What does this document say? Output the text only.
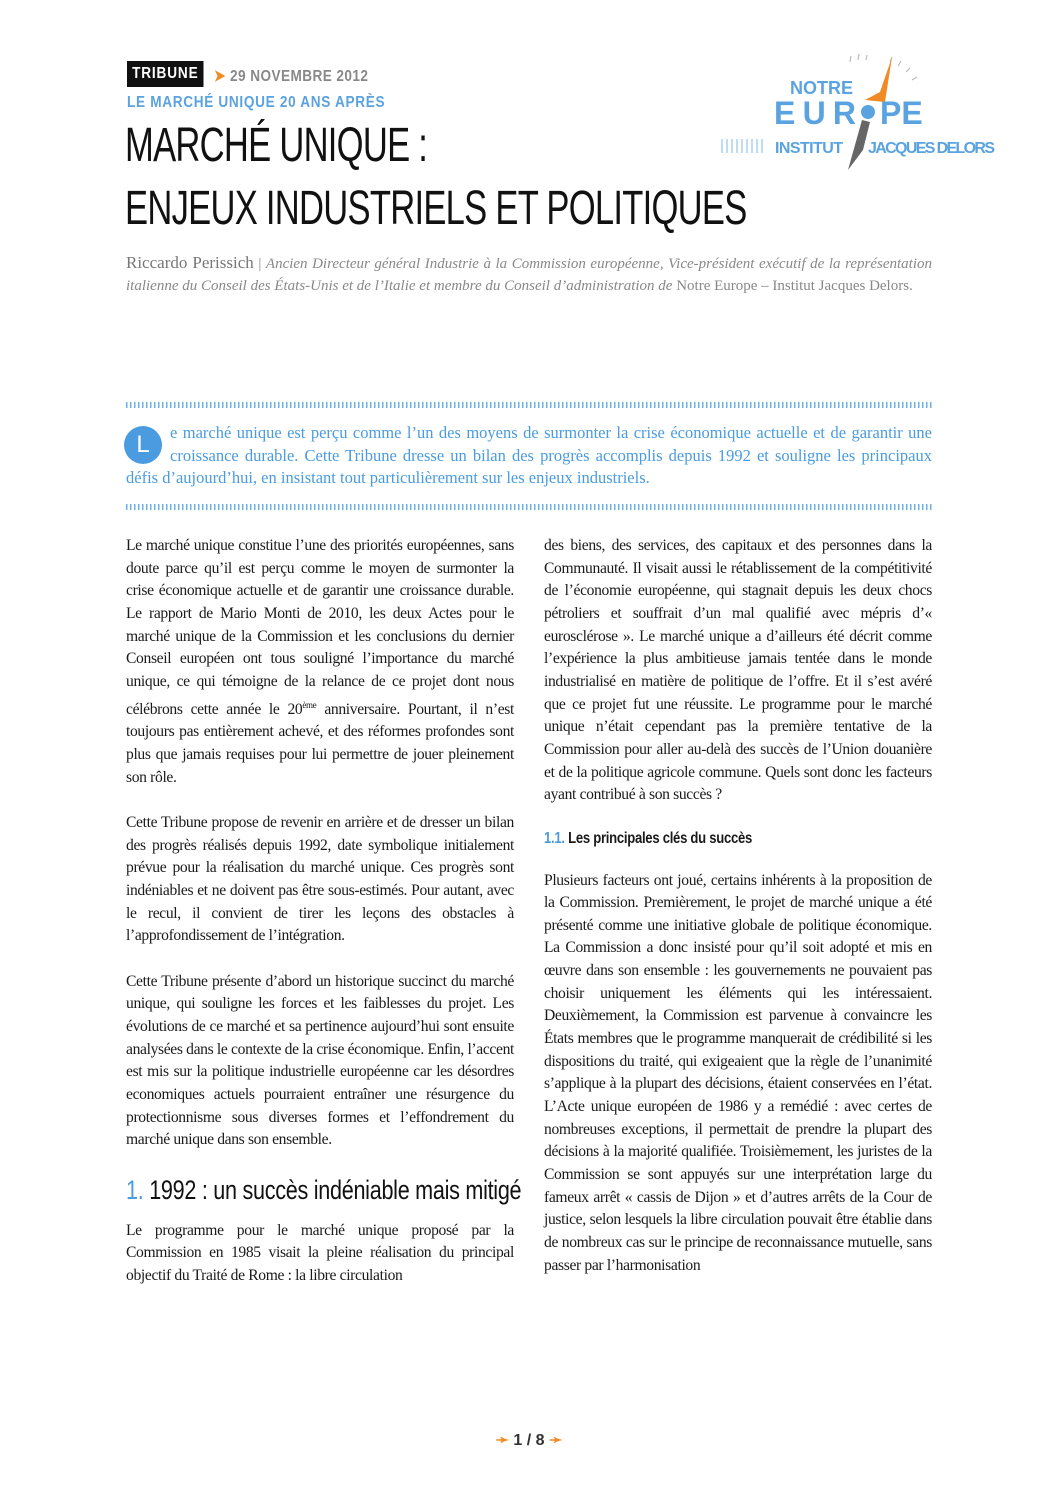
TRIBUNE ➤ 29 NOVEMBRE 2012
LE MARCHÉ UNIQUE 20 ANS APRÈS
MARCHÉ UNIQUE :
ENJEUX INDUSTRIELS ET POLITIQUES
NOTRE
EUR PE
INSTITUT JACQUES DELORS
Riccardo Perissich | Ancien Directeur général Industrie à la Commission européenne, Vice-président exécutif de la représentation italienne du Conseil des États-Unis et de l’Italie et membre du Conseil d’administration de Notre Europe – Institut Jacques Delors.
L	e marché unique est perçu comme l’un des moyens de surmonter la crise économique actuelle et de garantir une croissance durable. Cette Tribune dresse un bilan des progrès accomplis depuis 1992 et souligne les principaux défis d’aujourd’hui, en insistant tout particulièrement sur les enjeux industriels.

Le marché unique constitue l’une des priorités européennes, sans doute parce qu’il est perçu comme le moyen de surmonter la crise économique actuelle et de garantir une croissance durable. Le rapport de Mario Monti de 2010, les deux Actes pour le marché unique de la Commission et les conclusions du dernier Conseil européen ont tous souligné l’importance du marché unique, ce qui témoigne de la relance de ce projet dont nous célébrons cette année le 20ème anniversaire. Pourtant, il n’est toujours pas entièrement achevé, et des réformes profondes sont plus que jamais requises pour lui permettre de jouer pleinement son rôle.

Cette Tribune propose de revenir en arrière et de dresser un bilan des progrès réalisés depuis 1992, date symbolique initialement prévue pour la réalisation du marché unique. Ces progrès sont indéniables et ne doivent pas être sous-estimés. Pour autant, avec le recul, il convient de tirer les leçons des obstacles à l’approfondissement de l’intégration.

Cette Tribune présente d’abord un historique succinct du marché unique, qui souligne les forces et les faiblesses du projet. Les évolutions de ce marché et sa pertinence aujourd’hui sont ensuite analysées dans le contexte de la crise économique. Enfin, l’accent est mis sur la politique industrielle européenne car les désordres economiques actuels pourraient entraîner une résurgence du protectionnisme sous diverses formes et l’effondrement du marché unique dans son ensemble.

1. 1992 : un succès indéniable mais mitigé

Le programme pour le marché unique proposé par la Commission en 1985 visait la pleine réalisation du principal objectif du Traité de Rome : la libre circulation

des biens, des services, des capitaux et des personnes dans la Communauté. Il visait aussi le rétablissement de la compétitivité de l’économie européenne, qui stagnait depuis les deux chocs pétroliers et souffrait d’un mal qualifié avec mépris d’« eurosclérose ». Le marché unique a d’ailleurs été décrit comme l’expérience la plus ambitieuse jamais tentée dans le monde industrialisé en matière de politique de l’offre. Et il s’est avéré que ce projet fut une réussite. Le programme pour le marché unique n’était cependant pas la première tentative de la Commission pour aller au-delà des succès de l’Union douanière et de la politique agricole commune. Quels sont donc les facteurs ayant contribué à son succès ?

1.1. Les principales clés du succès

Plusieurs facteurs ont joué, certains inhérents à la proposition de la Commission. Premièrement, le projet de marché unique a été présenté comme une initiative globale de politique économique. La Commission a donc insisté pour qu’il soit adopté et mis en œuvre dans son ensemble : les gouvernements ne pouvaient pas choisir uniquement les éléments qui les intéressaient. Deuxièmement, la Commission est parvenue à convaincre les États membres que le programme manquerait de crédibilité si les dispositions du traité, qui exigeaient que la règle de l’unanimité s’applique à la plupart des décisions, étaient conservées en l’état. L’Acte unique européen de 1986 y a remédié : avec certes de nombreuses exceptions, il permettait de prendre la plupart des décisions à la majorité qualifiée. Troisièmement, les juristes de la Commission se sont appuyés sur une interprétation large du fameux arrêt « cassis de Dijon » et d’autres arrêts de la Cour de justice, selon lesquels la libre circulation pouvait être établie dans de nombreux cas sur le principe de reconnaissance mutuelle, sans passer par l’harmonisation

➛ 1 / 8 ➛
